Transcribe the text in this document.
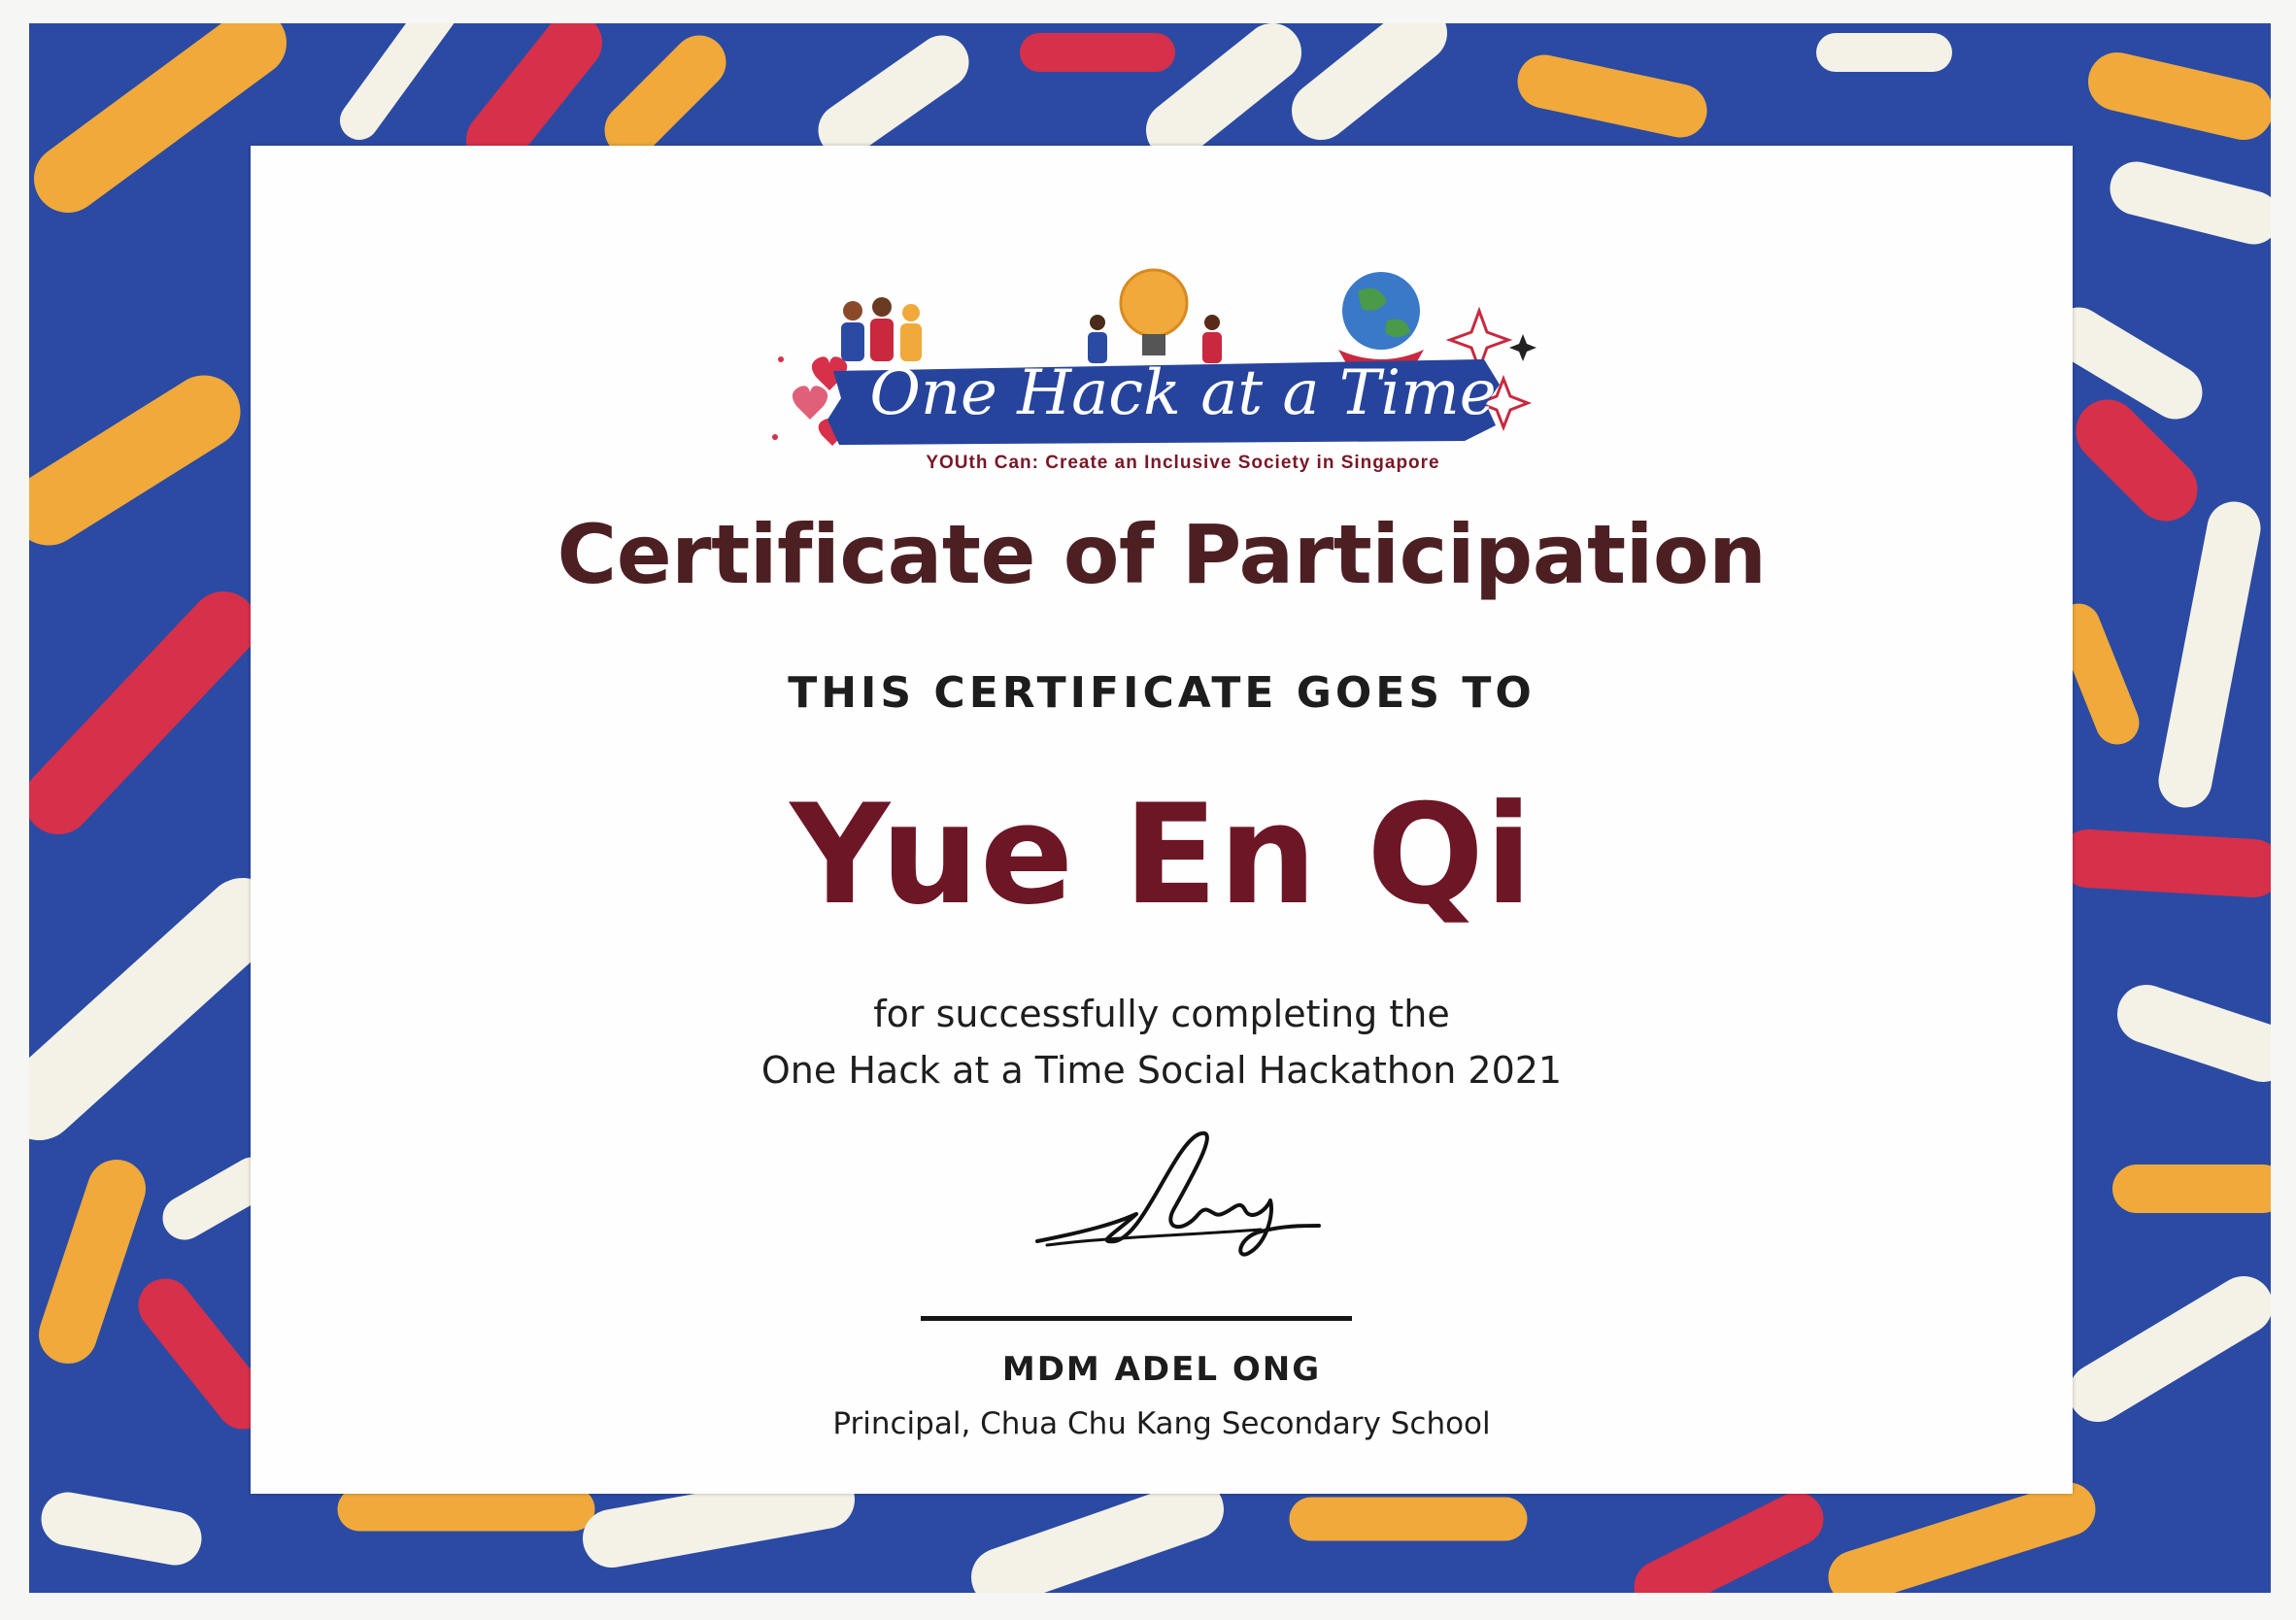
One Hack at a Time
YOUth Can: Create an Inclusive Society in Singapore
Certificate of Participation
THIS CERTIFICATE GOES TO
Yue En Qi
for successfully completing the
One Hack at a Time Social Hackathon 2021
MDM ADEL ONG
Principal, Chua Chu Kang Secondary School
